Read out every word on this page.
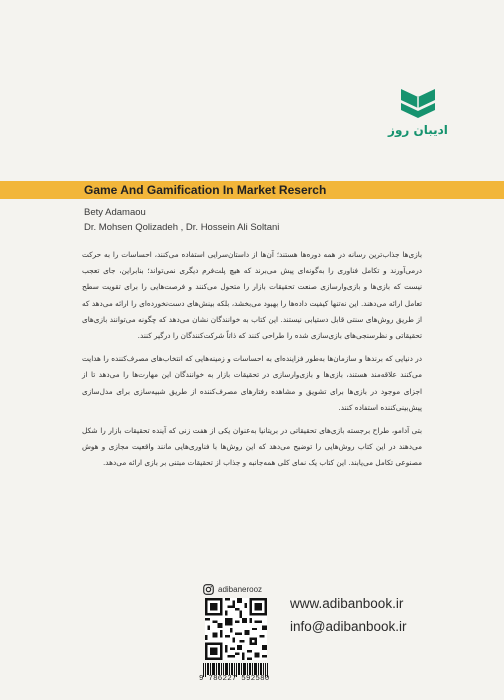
ادیبان روز
Game And Gamification In Market Reserch
Bety Adamaou
Dr. Mohsen Qolizadeh , Dr. Hossein Ali Soltani

بازی‌ها جذاب‌ترین رسانه در همه دوره‌ها هستند؛ آن‌ها از داستان‌سرایی استفاده می‌کنند، احساسات را به حرکت درمی‌آورند و تکامل فناوری را به‌گونه‌ای پیش می‌برند که هیچ پلت‌فرم دیگری نمی‌تواند؛ بنابراین، جای تعجب نیست که بازی‌ها و بازی‌وارسازی صنعت تحقیقات بازار را متحول می‌کنند و فرصت‌هایی را برای تقویت سطح تعامل ارائه می‌دهند. این نه‌تنها کیفیت داده‌ها را بهبود می‌بخشد، بلکه بینش‌های دست‌نخورده‌ای را ارائه می‌دهد که از طریق روش‌های سنتی قابل دستیابی نیستند. این کتاب به خوانندگان نشان می‌دهد که چگونه می‌توانند بازی‌های تحقیقاتی و نظرسنجی‌های بازی‌سازی شده را طراحی کنند که ذاتاً شرکت‌کنندگان را درگیر کنند.

در دنیایی که برندها و سازمان‌ها به‌طور فزاینده‌ای به احساسات و زمینه‌هایی که انتخاب‌های مصرف‌کننده را هدایت می‌کنند علاقه‌مند هستند، بازی‌ها و بازی‌وارسازی در تحقیقات بازار به خوانندگان این مهارت‌ها را می‌دهد تا از اجزای موجود در بازی‌ها برای تشویق و مشاهده رفتارهای مصرف‌کننده از طریق شبیه‌سازی برای مدل‌سازی پیش‌بینی‌کننده استفاده کنند.

بتی آدامو، طراح برجسته بازی‌های تحقیقاتی در بریتانیا به‌عنوان یکی از هفت زنی که آینده تحقیقات بازار را شکل می‌دهند در این کتاب روش‌هایی را توضیح می‌دهد که این روش‌ها با فناوری‌هایی مانند واقعیت مجازی و هوش مصنوعی تکامل می‌یابند. این کتاب یک نمای کلی همه‌جانبه و جذاب از تحقیقات مبتنی بر بازی ارائه می‌دهد.

adibanerooz
9 786227 592580
www.adibanbook.ir
info@adibanbook.ir
